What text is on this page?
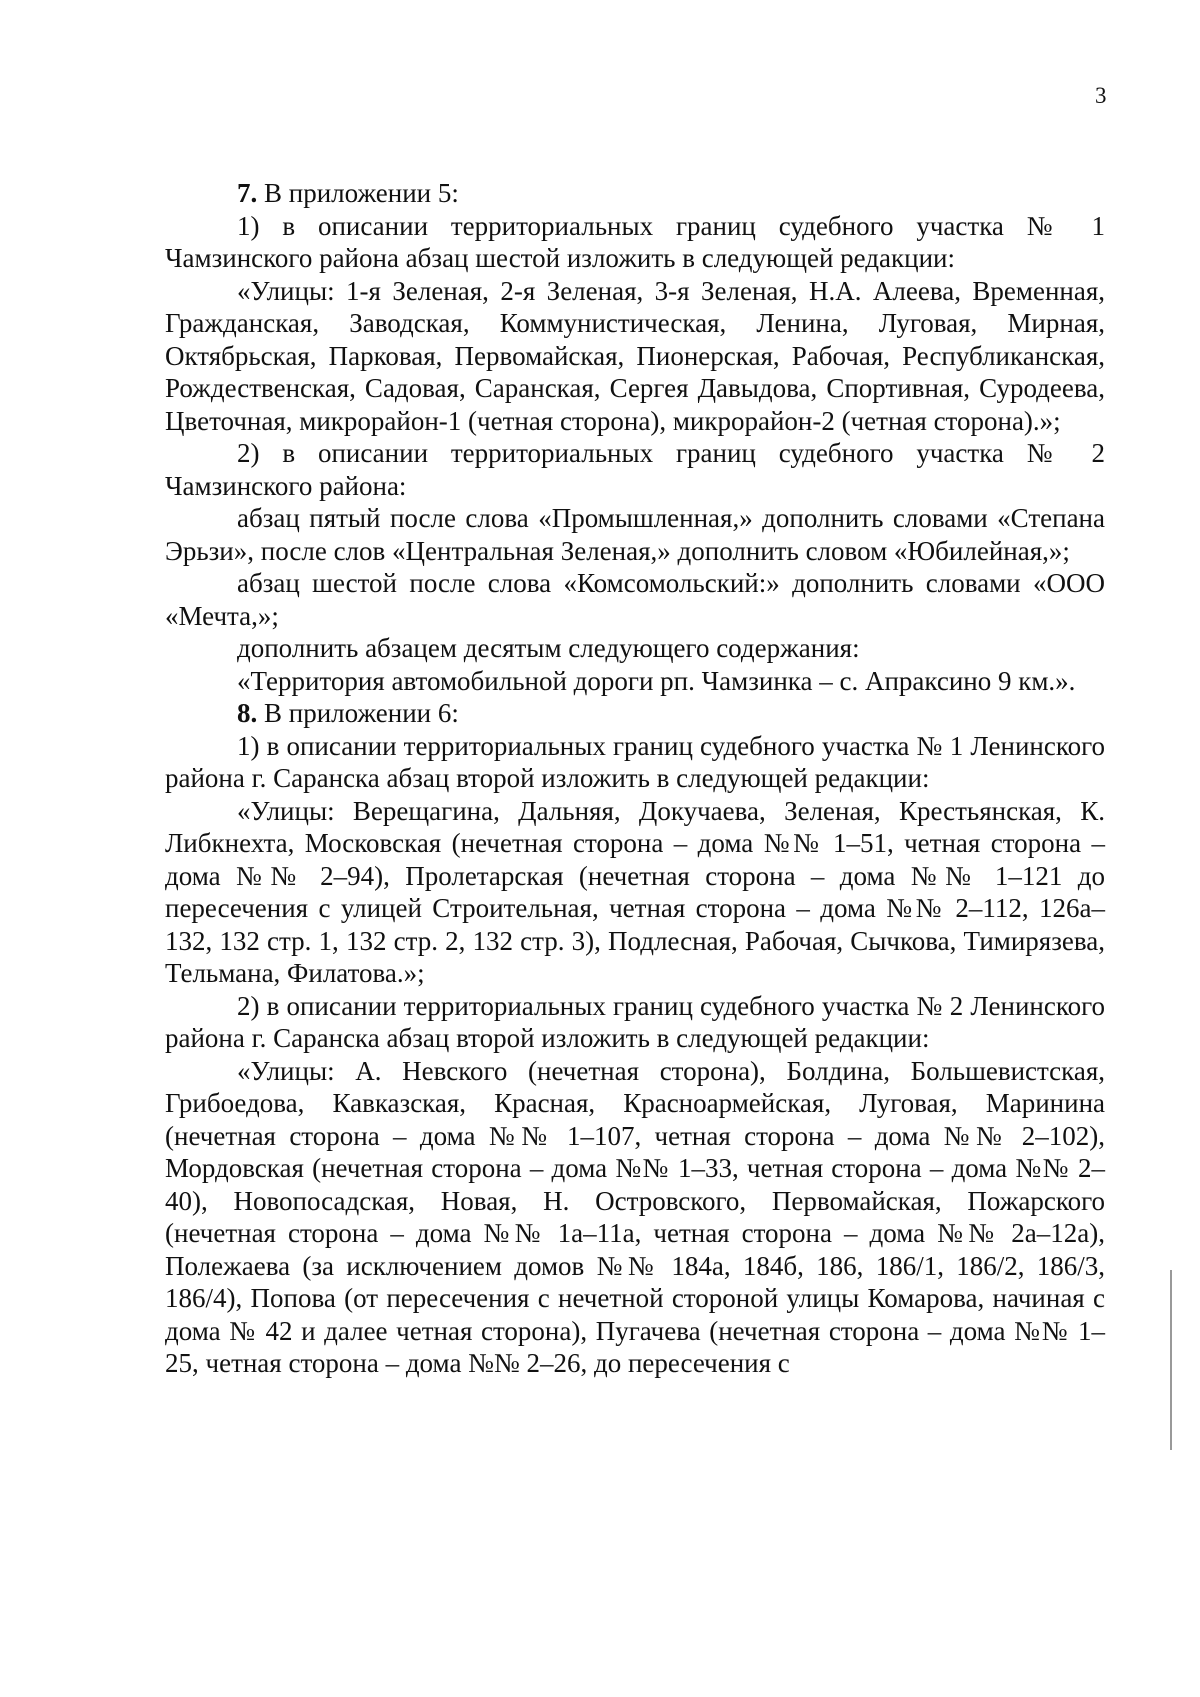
3

7. В приложении 5:

1) в описании территориальных границ судебного участка № 1 Чамзинского района абзац шестой изложить в следующей редакции:

«Улицы: 1-я Зеленая, 2-я Зеленая, 3-я Зеленая, Н.А. Алеева, Временная, Гражданская, Заводская, Коммунистическая, Ленина, Луговая, Мирная, Октябрьская, Парковая, Первомайская, Пионерская, Рабочая, Республиканская, Рождественская, Садовая, Саранская, Сергея Давыдова, Спортивная, Суродеева, Цветочная, микрорайон-1 (четная сторона), микрорайон-2 (четная сторона).»;

2) в описании территориальных границ судебного участка № 2 Чамзинского района:

абзац пятый после слова «Промышленная,» дополнить словами «Степана Эрьзи», после слов «Центральная Зеленая,» дополнить словом «Юбилейная,»;

абзац шестой после слова «Комсомольский:» дополнить словами «ООО «Мечта,»;

дополнить абзацем десятым следующего содержания:

«Территория автомобильной дороги рп. Чамзинка – с. Апраксино 9 км.».

8. В приложении 6:

1) в описании территориальных границ судебного участка № 1 Ленинского района г. Саранска абзац второй изложить в следующей редакции:

«Улицы: Верещагина, Дальняя, Докучаева, Зеленая, Крестьянская, К. Либкнехта, Московская (нечетная сторона – дома №№ 1–51, четная сторона – дома №№ 2–94), Пролетарская (нечетная сторона – дома №№ 1–121 до пересечения с улицей Строительная, четная сторона – дома №№ 2–112, 126а–132, 132 стр. 1, 132 стр. 2, 132 стр. 3), Подлесная, Рабочая, Сычкова, Тимирязева, Тельмана, Филатова.»;

2) в описании территориальных границ судебного участка № 2 Ленинского района г. Саранска абзац второй изложить в следующей редакции:

«Улицы: А. Невского (нечетная сторона), Болдина, Большевистская, Грибоедова, Кавказская, Красная, Красноармейская, Луговая, Маринина (нечетная сторона – дома №№ 1–107, четная сторона – дома №№ 2–102), Мордовская (нечетная сторона – дома №№ 1–33, четная сторона – дома №№ 2–40), Новопосадская, Новая, Н. Островского, Первомайская, Пожарского (нечетная сторона – дома №№ 1а–11а, четная сторона – дома №№ 2а–12а), Полежаева (за исключением домов №№ 184а, 184б, 186, 186/1, 186/2, 186/3, 186/4), Попова (от пересечения с нечетной стороной улицы Комарова, начиная с дома № 42 и далее четная сторона), Пугачева (нечетная сторона – дома №№ 1–25, четная сторона – дома №№ 2–26, до пересечения с
